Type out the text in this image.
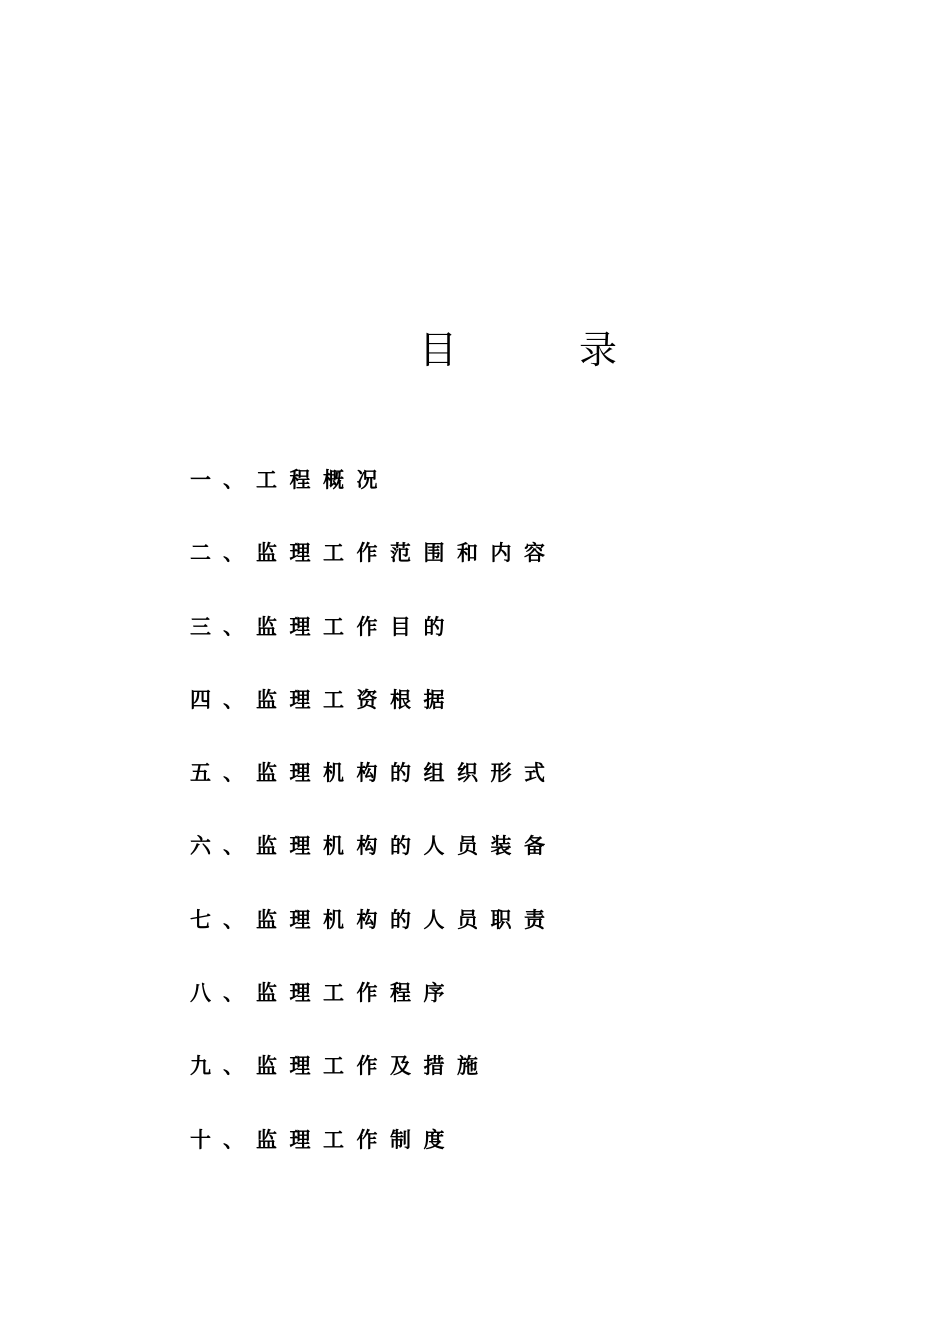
目	录
一、 工程概况
二、 监理工作范围和内容
三、 监理工作目的
四、 监理工资根据
五、 监理机构的组织形式
六、 监理机构的人员装备
七、 监理机构的人员职责
八、 监理工作程序
九、 监理工作及措施
十、 监理工作制度
